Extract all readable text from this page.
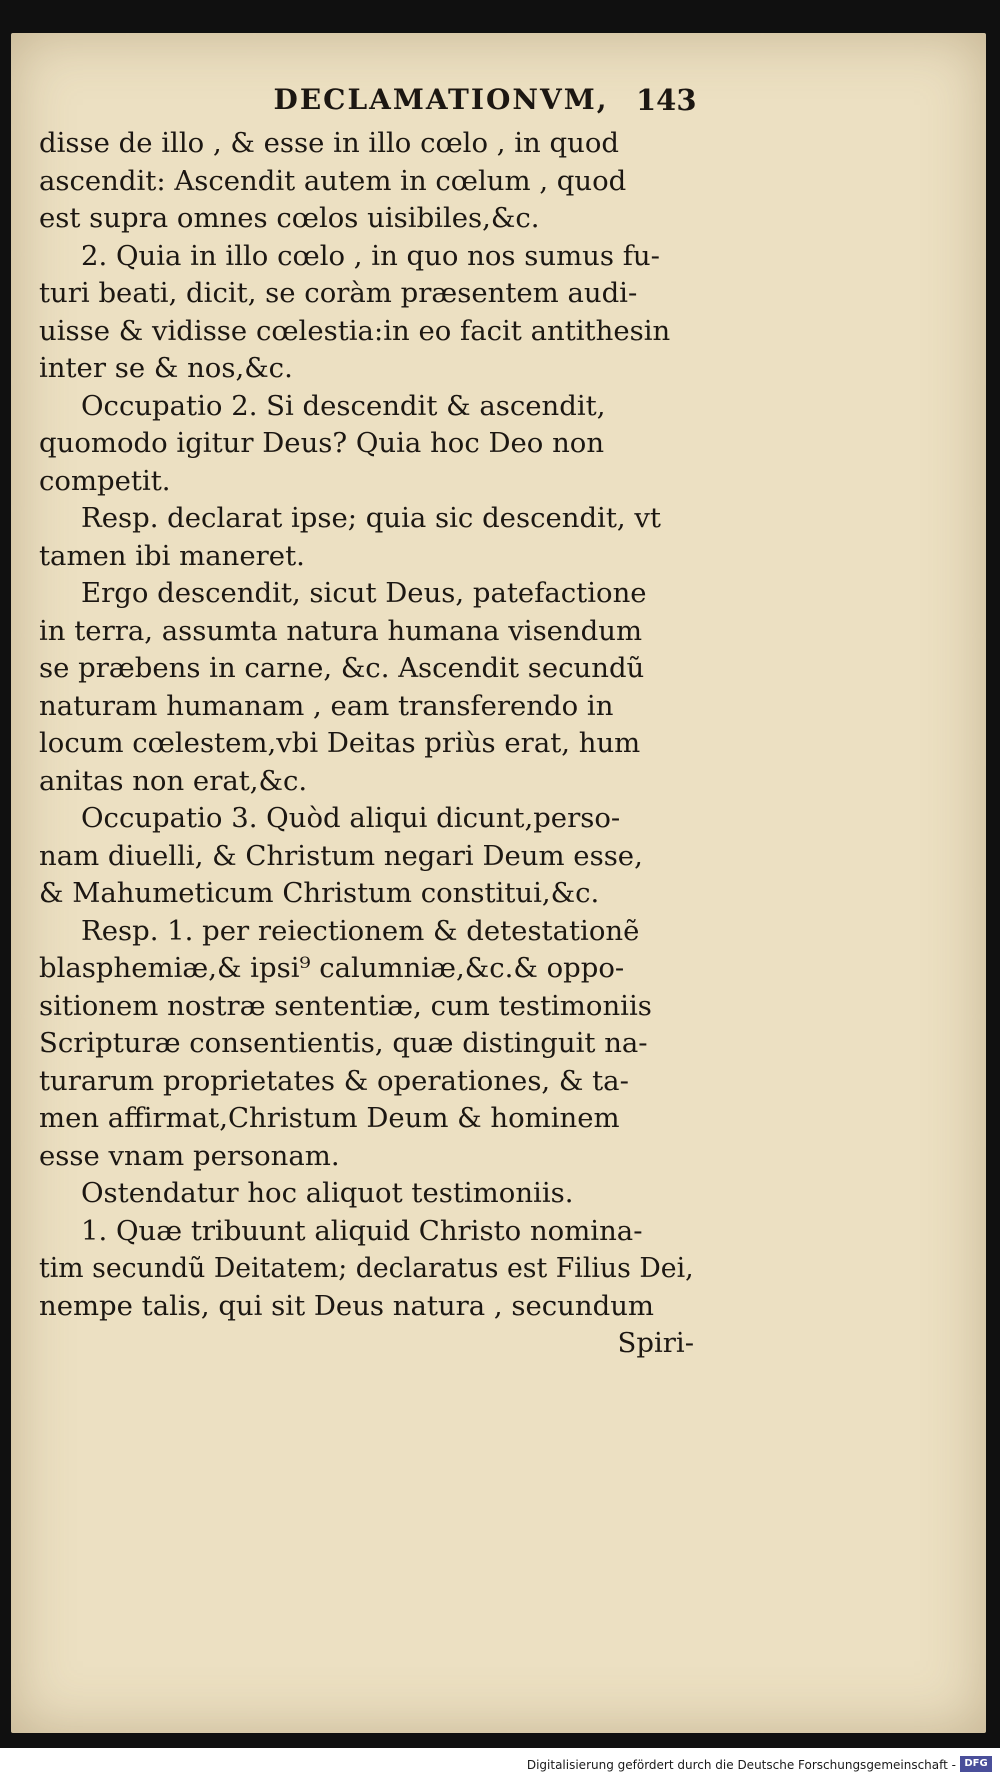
DECLAMATIONVM, 143
disse de illo , & esse in illo cœlo , in quod
ascendit: Ascendit autem in cœlum , quod
est supra omnes cœlos uisibiles,&c.
2. Quia in illo cœlo , in quo nos sumus fu-
turi beati, dicit, se coràm præsentem audi-
uisse & vidisse cœlestia:in eo facit antithesin
inter se & nos,&c.
Occupatio 2. Si descendit & ascendit,
quomodo igitur Deus? Quia hoc Deo non
competit.
Resp. declarat ipse; quia sic descendit, vt
tamen ibi maneret.
Ergo descendit, sicut Deus, patefactione
in terra, assumta natura humana visendum
se præbens in carne, &c. Ascendit secundũ
naturam humanam , eam transferendo in
locum cœlestem,vbi Deitas priùs erat, hum
anitas non erat,&c.
Occupatio 3. Quòd aliqui dicunt,perso-
nam diuelli, & Christum negari Deum esse,
& Mahumeticum Christum constitui,&c.
Resp. 1. per reiectionem & detestationẽ
blasphemiæ,& ipsi⁹ calumniæ,&c.& oppo-
sitionem nostræ sententiæ, cum testimoniis
Scripturæ consentientis, quæ distinguit na-
turarum proprietates & operationes, & ta-
men affirmat,Christum Deum & hominem
esse vnam personam.
Ostendatur hoc aliquot testimoniis.
1. Quæ tribuunt aliquid Christo nomina-
tim secundũ Deitatem; declaratus est Filius Dei,
nempe talis, qui sit Deus natura , secundum
Spiri-
Digitalisierung gefördert durch die Deutsche Forschungsgemeinschaft - DFG
